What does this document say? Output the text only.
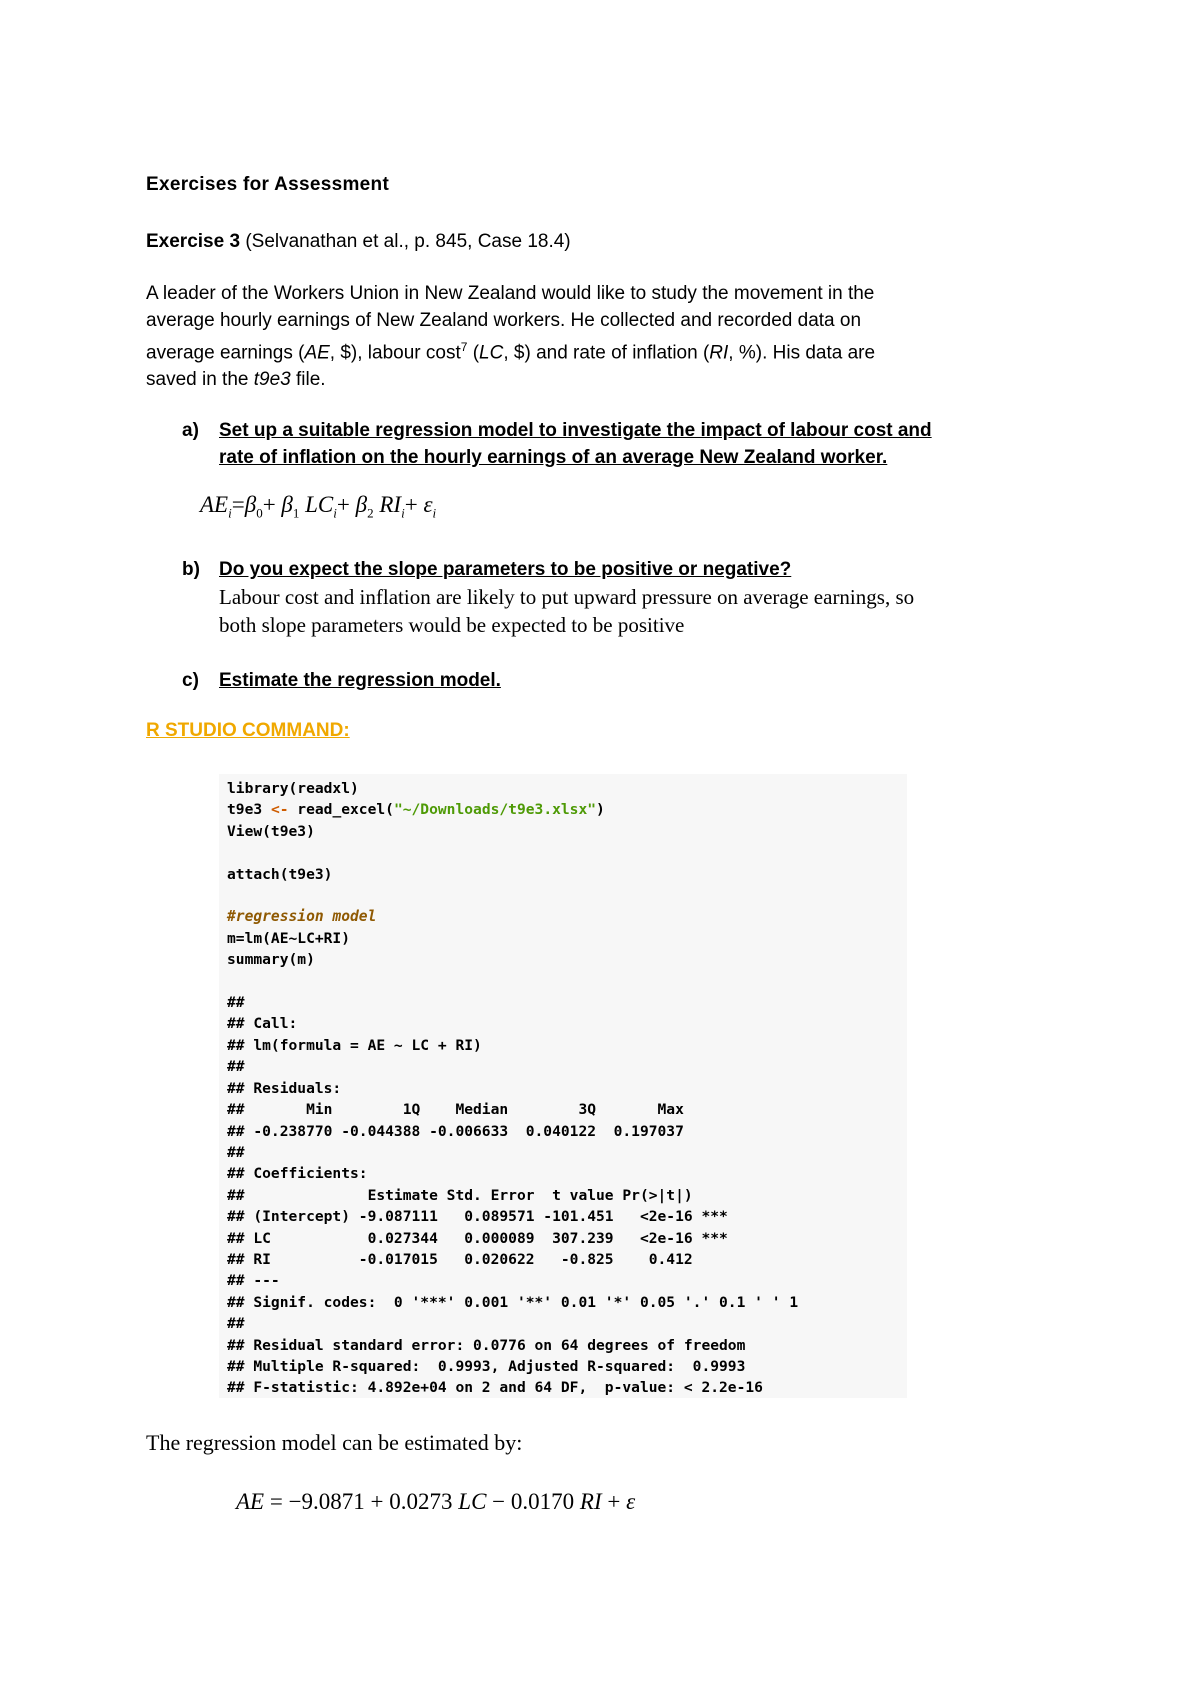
Exercises for Assessment
Exercise 3 (Selvanathan et al., p. 845, Case 18.4)

A leader of the Workers Union in New Zealand would like to study the movement in the

average hourly earnings of New Zealand workers. He collected and recorded data on

average earnings (AE, $), labour cost$^7$ (LC, $) and rate of inflation (RI, %). His data are

saved in the t9e3 file.

a) Set up a suitable regression model to investigate the impact of labour cost and
rate of inflation on the hourly earnings of an average New Zealand worker.
$AE_i=\beta_0+ \beta_1$ $LC_i+ \beta_2$ $RI_i+ \varepsilon_i$
b) Do you expect the slope parameters to be positive or negative?
Labour cost and inflation are likely to put upward pressure on average earnings, so
both slope parameters would be expected to be positive
c) Estimate the regression model.
R STUDIO COMMAND:
library(readxl)
t9e3 <- read_excel("~/Downloads/t9e3.xlsx")
View(t9e3)

attach(t9e3)

#regression model
m=lm(AE~LC+RI)
summary(m)

##
## Call:
## lm(formula = AE ~ LC + RI)
##
## Residuals:
##       Min        1Q    Median        3Q       Max
## -0.238770 -0.044388 -0.006633  0.040122  0.197037
##
## Coefficients:
##              Estimate Std. Error  t value Pr(>|t|)
## (Intercept) -9.087111   0.089571 -101.451   <2e-16 ***
## LC           0.027344   0.000089  307.239   <2e-16 ***
## RI          -0.017015   0.020622   -0.825    0.412
## ---
## Signif. codes:  0 '***' 0.001 '**' 0.01 '*' 0.05 '.' 0.1 ' ' 1
##
## Residual standard error: 0.0776 on 64 degrees of freedom
## Multiple R-squared:  0.9993, Adjusted R-squared:  0.9993
## F-statistic: 4.892e+04 on 2 and 64 DF,  p-value: < 2.2e-16
The regression model can be estimated by:
AE = −9.0871 + 0.0273 LC − 0.0170 RI + ε
